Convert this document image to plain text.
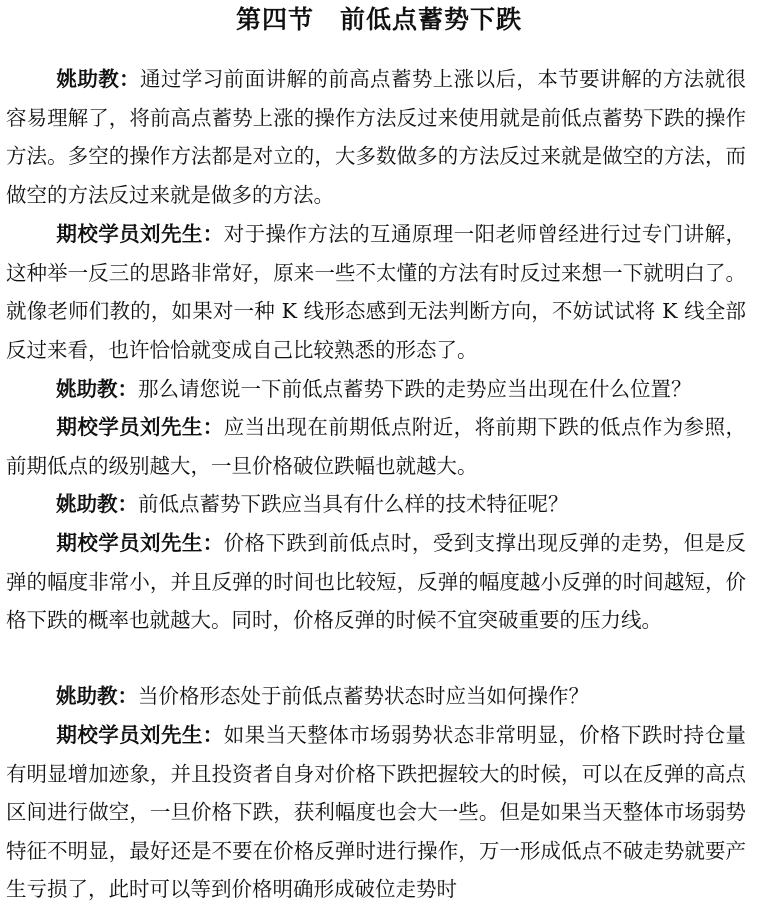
第四节　前低点蓄势下跌

姚助教：通过学习前面讲解的前高点蓄势上涨以后，本节要讲解的方法就很容易理解了，将前高点蓄势上涨的操作方法反过来使用就是前低点蓄势下跌的操作方法。多空的操作方法都是对立的，大多数做多的方法反过来就是做空的方法，而做空的方法反过来就是做多的方法。

期校学员刘先生：对于操作方法的互通原理一阳老师曾经进行过专门讲解，这种举一反三的思路非常好，原来一些不太懂的方法有时反过来想一下就明白了。就像老师们教的，如果对一种 K 线形态感到无法判断方向，不妨试试将 K 线全部反过来看，也许恰恰就变成自己比较熟悉的形态了。

姚助教：那么请您说一下前低点蓄势下跌的走势应当出现在什么位置？

期校学员刘先生：应当出现在前期低点附近，将前期下跌的低点作为参照，前期低点的级别越大，一旦价格破位跌幅也就越大。

姚助教：前低点蓄势下跌应当具有什么样的技术特征呢？

期校学员刘先生：价格下跌到前低点时，受到支撑出现反弹的走势，但是反弹的幅度非常小，并且反弹的时间也比较短，反弹的幅度越小反弹的时间越短，价格下跌的概率也就越大。同时，价格反弹的时候不宜突破重要的压力线。

姚助教：当价格形态处于前低点蓄势状态时应当如何操作？

期校学员刘先生：如果当天整体市场弱势状态非常明显，价格下跌时持仓量有明显增加迹象，并且投资者自身对价格下跌把握较大的时候，可以在反弹的高点区间进行做空，一旦价格下跌，获利幅度也会大一些。但是如果当天整体市场弱势特征不明显，最好还是不要在价格反弹时进行操作，万一形成低点不破走势就要产生亏损了，此时可以等到价格明确形成破位走势时
